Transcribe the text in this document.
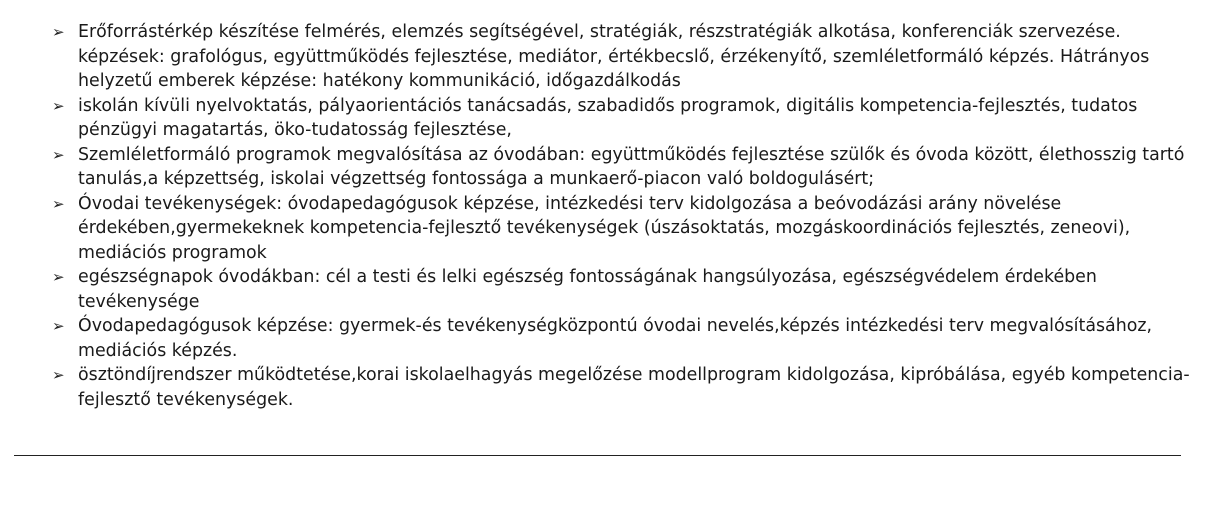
➢ Erőforrástérkép készítése felmérés, elemzés segítségével, stratégiák, részstratégiák alkotása, konferenciák szervezése. képzések: grafológus, együttműködés fejlesztése, mediátor, értékbecslő, érzékenyítő, szemléletformáló képzés. Hátrányos helyzetű emberek képzése: hatékony kommunikáció, időgazdálkodás
➢ iskolán kívüli nyelvoktatás, pályaorientációs tanácsadás, szabadidős programok, digitális kompetencia-fejlesztés, tudatos pénzügyi magatartás, öko-tudatosság fejlesztése,
➢ Szemléletformáló programok megvalósítása az óvodában: együttműködés fejlesztése szülők és óvoda között, élethosszig tartó tanulás,a képzettség, iskolai végzettség fontossága a munkaerő-piacon való boldogulásért;
➢ Óvodai tevékenységek: óvodapedagógusok képzése, intézkedési terv kidolgozása a beóvodázási arány növelése érdekében,gyermekeknek kompetencia-fejlesztő tevékenységek (úszásoktatás, mozgáskoordinációs fejlesztés, zeneovi), mediációs programok
➢ egészségnapok óvodákban: cél a testi és lelki egészség fontosságának hangsúlyozása, egészségvédelem érdekében tevékenysége
➢ Óvodapedagógusok képzése: gyermek-és tevékenységközpontú óvodai nevelés,képzés intézkedési terv megvalósításához, mediációs képzés.
➢ ösztöndíjrendszer működtetése,korai iskolaelhagyás megelőzése modellprogram kidolgozása, kipróbálása, egyéb kompetencia-fejlesztő tevékenységek.
